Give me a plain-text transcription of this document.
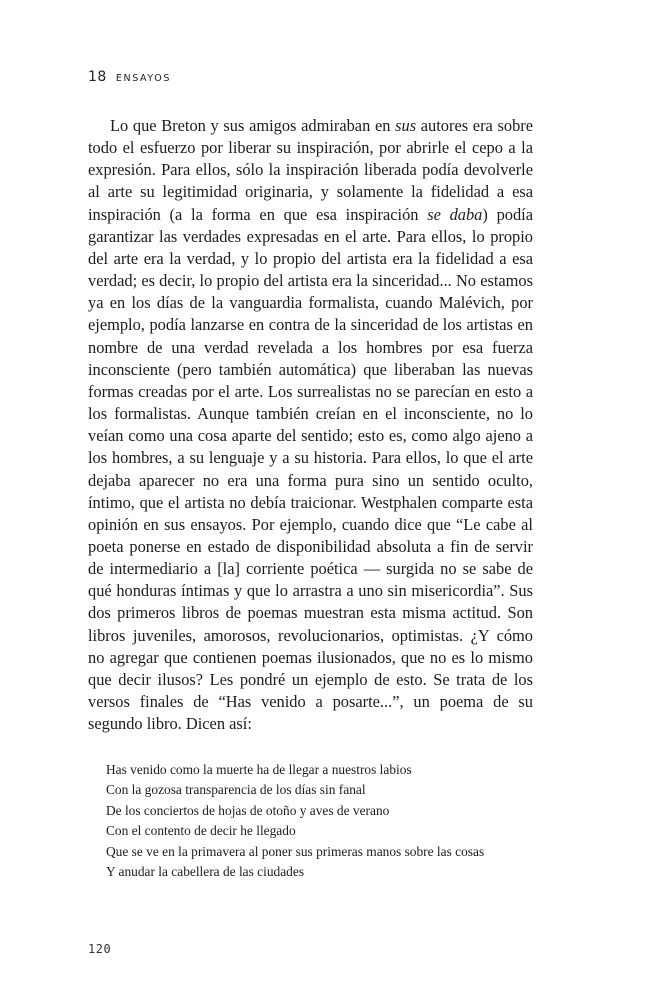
18 ENSAYOS

Lo que Breton y sus amigos admiraban en sus autores era sobre todo el esfuerzo por liberar su inspiración, por abrirle el cepo a la expresión. Para ellos, sólo la inspiración liberada podía devolverle al arte su legitimidad originaria, y solamente la fidelidad a esa inspiración (a la forma en que esa inspiración se daba) podía garantizar las verdades expresadas en el arte. Para ellos, lo propio del arte era la verdad, y lo propio del artista era la fidelidad a esa verdad; es decir, lo propio del artista era la sinceridad... No estamos ya en los días de la vanguardia formalista, cuando Malévich, por ejemplo, podía lanzarse en contra de la sinceridad de los artistas en nombre de una verdad revelada a los hombres por esa fuerza inconsciente (pero también automática) que liberaban las nuevas formas creadas por el arte. Los surrealistas no se parecían en esto a los formalistas. Aunque también creían en el inconsciente, no lo veían como una cosa aparte del sentido; esto es, como algo ajeno a los hombres, a su lenguaje y a su historia. Para ellos, lo que el arte dejaba aparecer no era una forma pura sino un sentido oculto, íntimo, que el artista no debía traicionar. Westphalen comparte esta opinión en sus ensayos. Por ejemplo, cuando dice que “Le cabe al poeta ponerse en estado de disponibilidad absoluta a fin de servir de intermediario a [la] corriente poética — surgida no se sabe de qué honduras íntimas y que lo arrastra a uno sin misericordia”. Sus dos primeros libros de poemas muestran esta misma actitud. Son libros juveniles, amorosos, revolucionarios, optimistas. ¿Y cómo no agregar que contienen poemas ilusionados, que no es lo mismo que decir ilusos? Les pondré un ejemplo de esto. Se trata de los versos finales de “Has venido a posarte...”, un poema de su segundo libro. Dicen así:

Has venido como la muerte ha de llegar a nuestros labios
Con la gozosa transparencia de los días sin fanal
De los conciertos de hojas de otoño y aves de verano
Con el contento de decir he llegado
Que se ve en la primavera al poner sus primeras manos sobre las cosas
Y anudar la cabellera de las ciudades
120
